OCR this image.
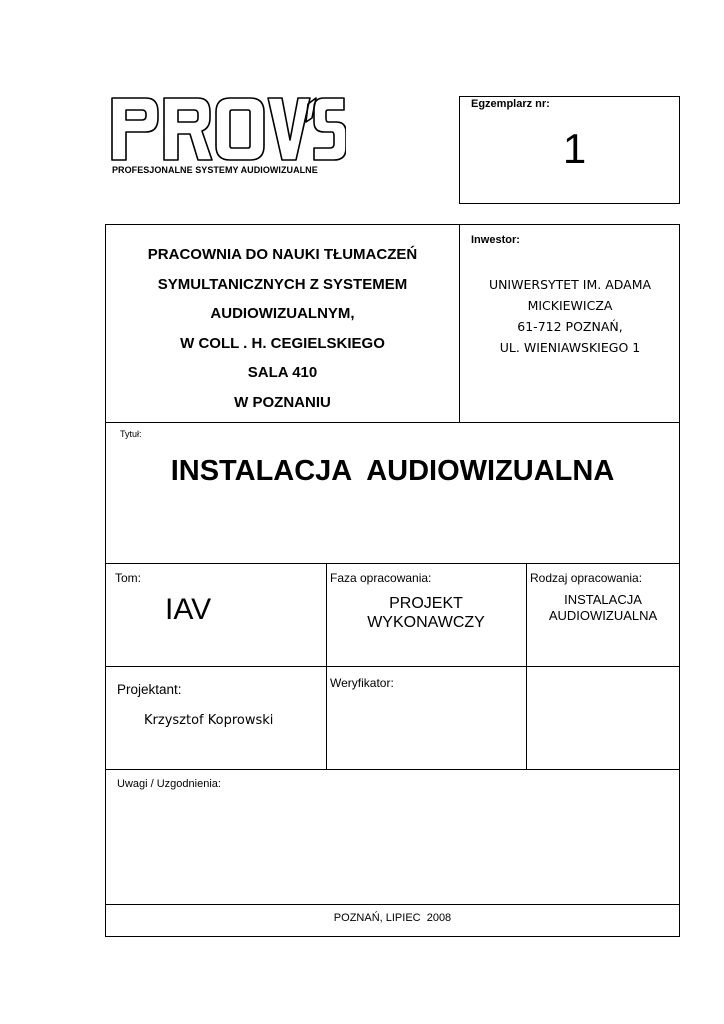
PROFESJONALNE SYSTEMY AUDIOWIZUALNE
Egzemplarz nr:
1
PRACOWNIA DO NAUKI TŁUMACZEŃ
SYMULTANICZNYCH Z SYSTEMEM
AUDIOWIZUALNYM,
W COLL . H. CEGIELSKIEGO
SALA 410
W POZNANIU
Inwestor:
UNIWERSYTET IM. ADAMA
MICKIEWICZA
61-712 POZNAŃ,
UL. WIENIAWSKIEGO 1
Tytuł:
INSTALACJA  AUDIOWIZUALNA
Tom:
IAV
Faza opracowania:
PROJEKT
WYKONAWCZY
Rodzaj opracowania:
INSTALACJA
AUDIOWIZUALNA
Projektant:
Krzysztof Koprowski
Weryfikator:
Uwagi / Uzgodnienia:
POZNAŃ, LIPIEC  2008
